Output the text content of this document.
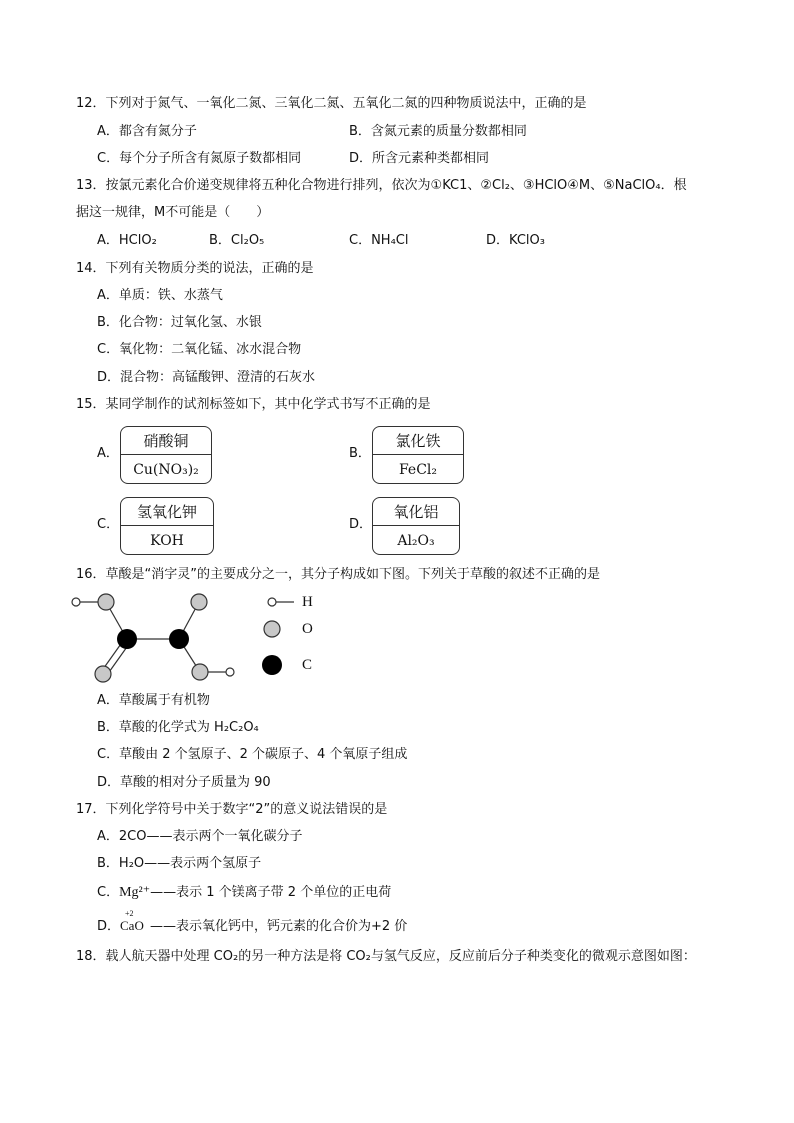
12．下列对于氮气、一氧化二氮、三氧化二氮、五氧化二氮的四种物质说法中，正确的是
A．都含有氮分子	B．含氮元素的质量分数都相同
C．每个分子所含有氮原子数都相同	D．所含元素种类都相同
13．按氯元素化合价递变规律将五种化合物进行排列，依次为①KC1、②Cl₂、③HClO④M、⑤NaClO₄．根
据这一规律，M不可能是（　　）
A．HClO₂	B．Cl₂O₅	C．NH₄Cl	D．KClO₃
14．下列有关物质分类的说法，正确的是
A．单质：铁、水蒸气
B．化合物：过氧化氢、水银
C．氧化物：二氧化锰、冰水混合物
D．混合物：高锰酸钾、澄清的石灰水
15．某同学制作的试剂标签如下，其中化学式书写不正确的是
A．
硝酸铜
Cu(NO₃)₂
B．
氯化铁
FeCl₂
C．
氢氧化钾
KOH
D．
氧化铝
Al₂O₃
16．草酸是“消字灵”的主要成分之一，其分子构成如下图。下列关于草酸的叙述不正确的是
H
O
C
A．草酸属于有机物
B．草酸的化学式为 H₂C₂O₄
C．草酸由 2 个氢原子、2 个碳原子、4 个氧原子组成
D．草酸的相对分子质量为 90
17．下列化学符号中关于数字“2”的意义说法错误的是
A．2CO——表示两个一氧化碳分子
B．H₂O——表示两个氢原子
C．Mg²⁺——表示 1 个镁离子带 2 个单位的正电荷
D．
+2
CaO ——表示氧化钙中，钙元素的化合价为+2 价
18．载人航天器中处理 CO₂的另一种方法是将 CO₂与氢气反应，反应前后分子种类变化的微观示意图如图：
